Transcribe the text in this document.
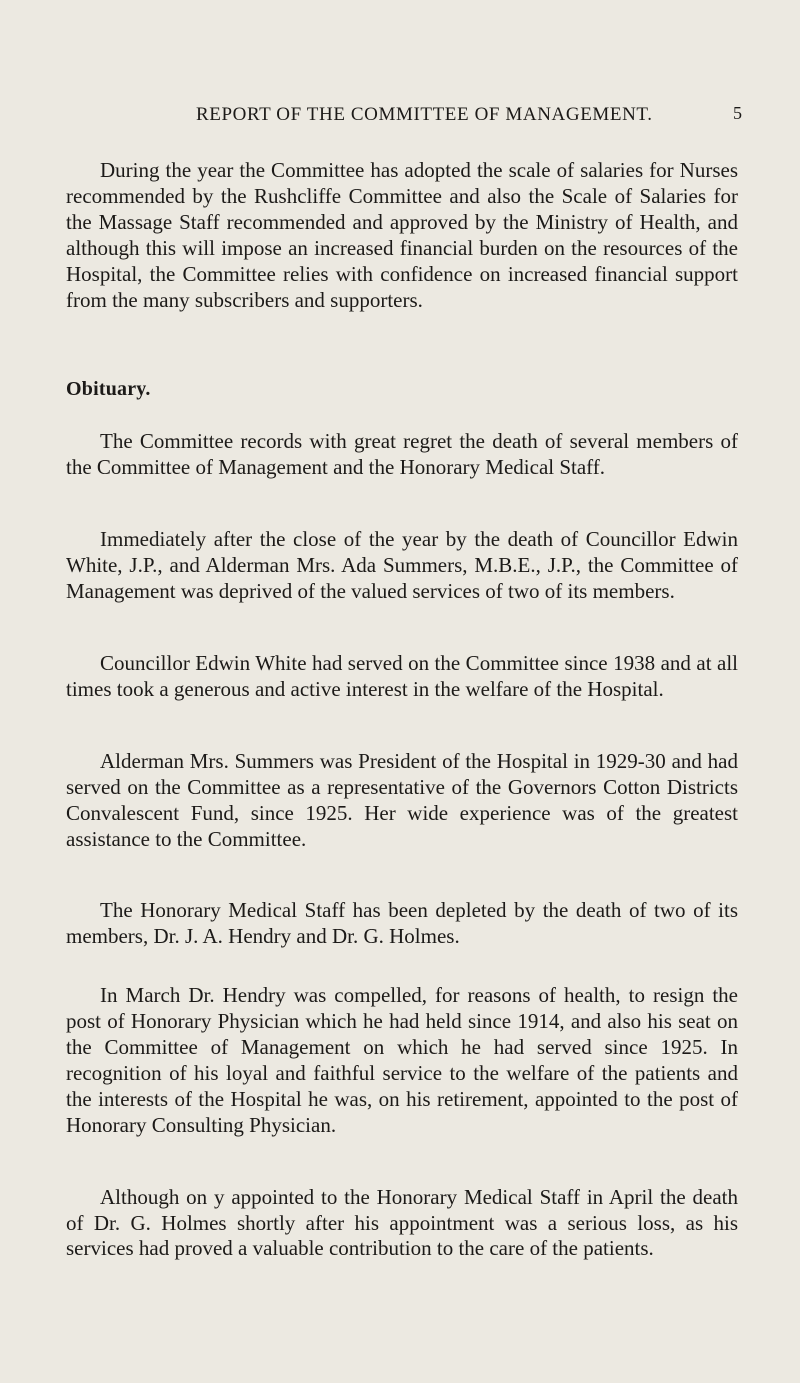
REPORT OF THE COMMITTEE OF MANAGEMENT.	5

During the year the Committee has adopted the scale of salaries for Nurses recommended by the Rushcliffe Committee and also the Scale of Salaries for the Massage Staff recommended and approved by the Ministry of Health, and although this will impose an increased financial burden on the resources of the Hospital, the Committee relies with confidence on increased financial support from the many subscribers and supporters.

Obituary.

The Committee records with great regret the death of several members of the Committee of Management and the Honorary Medical Staff.

Immediately after the close of the year by the death of Councillor Edwin White, J.P., and Alderman Mrs. Ada Summers, M.B.E., J.P., the Committee of Management was deprived of the valued services of two of its members.

Councillor Edwin White had served on the Committee since 1938 and at all times took a generous and active interest in the welfare of the Hospital.

Alderman Mrs. Summers was President of the Hospital in 1929-30 and had served on the Committee as a representative of the Governors Cotton Districts Convalescent Fund, since 1925. Her wide experience was of the greatest assistance to the Committee.

The Honorary Medical Staff has been depleted by the death of two of its members, Dr. J. A. Hendry and Dr. G. Holmes.

In March Dr. Hendry was compelled, for reasons of health, to resign the post of Honorary Physician which he had held since 1914, and also his seat on the Committee of Management on which he had served since 1925. In recognition of his loyal and faithful service to the welfare of the patients and the interests of the Hospital he was, on his retirement, appointed to the post of Honorary Consulting Physician.

Although on y appointed to the Honorary Medical Staff in April the death of Dr. G. Holmes shortly after his appointment was a serious loss, as his services had proved a valuable contribution to the care of the patients.
